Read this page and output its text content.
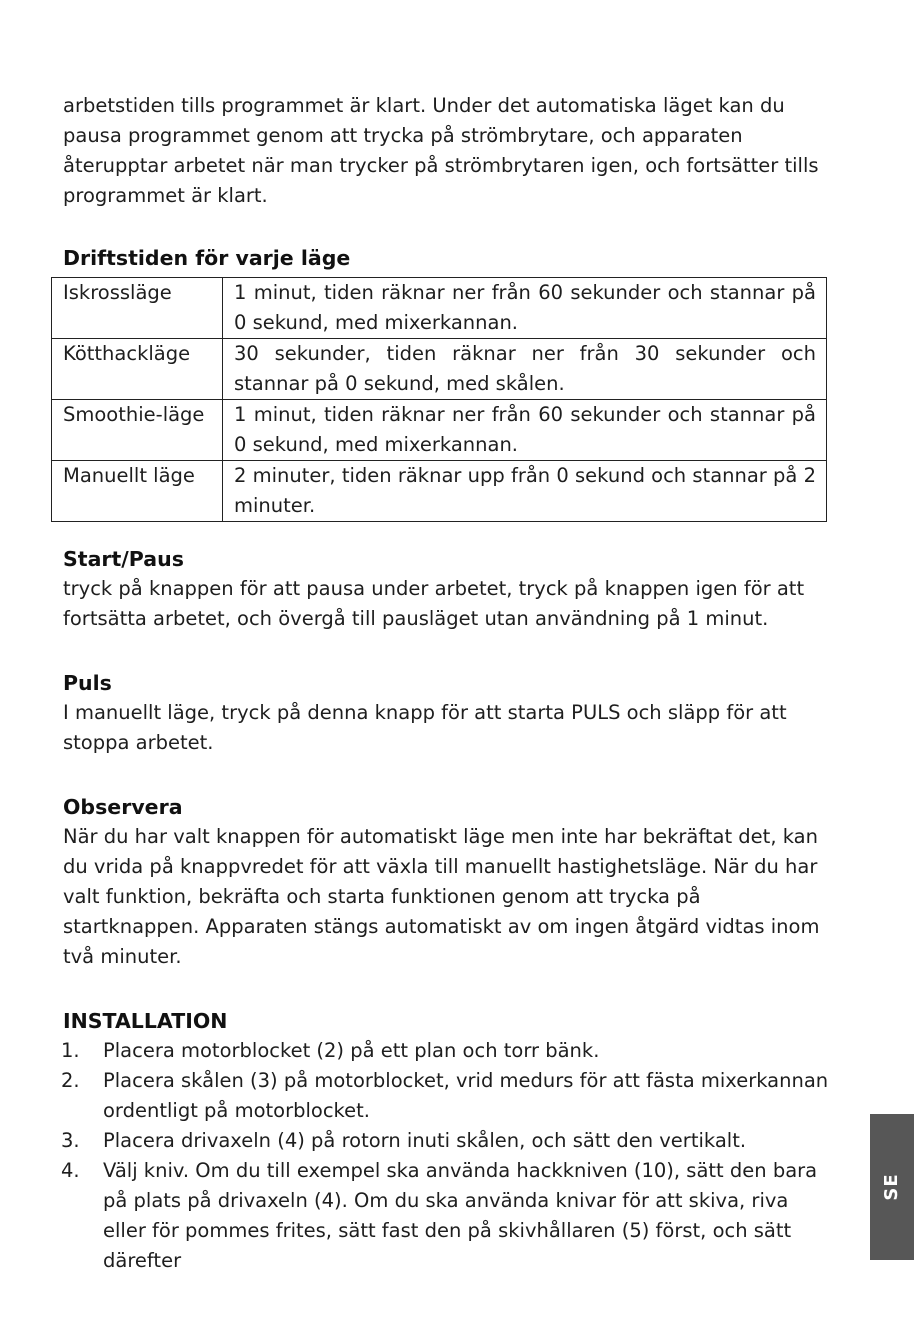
arbetstiden tills programmet är klart. Under det automatiska läget kan du pausa programmet genom att trycka på strömbrytare, och apparaten återupptar arbetet när man trycker på strömbrytaren igen, och fortsätter tills programmet är klart.

Driftstiden för varje läge
Iskrossläge	1 minut, tiden räknar ner från 60 sekunder och stannar på 0 sekund, med mixerkannan.
Kötthackläge	30 sekunder, tiden räknar ner från 30 sekunder och stannar på 0 sekund, med skålen.
Smoothie-läge	1 minut, tiden räknar ner från 60 sekunder och stannar på 0 sekund, med mixerkannan.
Manuellt läge	2 minuter, tiden räknar upp från 0 sekund och stannar på 2 minuter.
Start/Paus

tryck på knappen för att pausa under arbetet, tryck på knappen igen för att fortsätta arbetet, och övergå till pausläget utan användning på 1 minut.

Puls

I manuellt läge, tryck på denna knapp för att starta PULS och släpp för att stoppa arbetet.

Observera

När du har valt knappen för automatiskt läge men inte har bekräftat det, kan du vrida på knappvredet för att växla till manuellt hastighetsläge. När du har valt funktion, bekräfta och starta funktionen genom att trycka på startknappen. Apparaten stängs automatiskt av om ingen åtgärd vidtas inom två minuter.

INSTALLATION
1. Placera motorblocket (2) på ett plan och torr bänk.
2. Placera skålen (3) på motorblocket, vrid medurs för att fästa mixerkannan ordentligt på motorblocket.
3. Placera drivaxeln (4) på rotorn inuti skålen, och sätt den vertikalt.
4. Välj kniv. Om du till exempel ska använda hackkniven (10), sätt den bara på plats på drivaxeln (4). Om du ska använda knivar för att skiva, riva eller för pommes frites, sätt fast den på skivhållaren (5) först, och sätt därefter
SE
